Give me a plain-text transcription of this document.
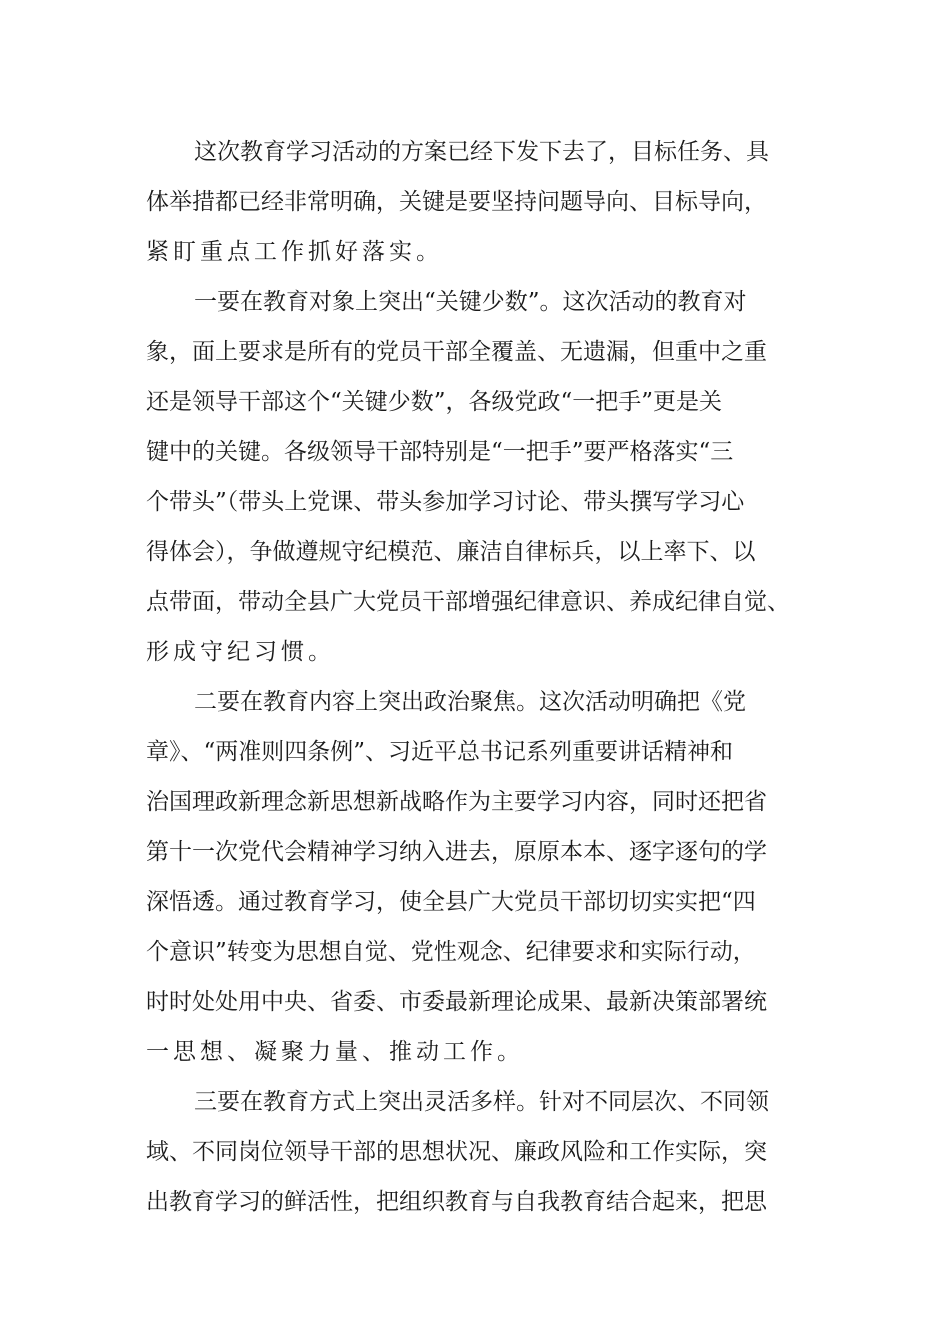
这次教育学习活动的方案已经下发下去了，目标任务、具
体举措都已经非常明确，关键是要坚持问题导向、目标导向，
紧盯重点工作抓好落实。
一要在教育对象上突出“关键少数”。这次活动的教育对
象，面上要求是所有的党员干部全覆盖、无遗漏，但重中之重
还是领导干部这个“关键少数”，各级党政“一把手”更是关
键中的关键。各级领导干部特别是“一把手”要严格落实“三
个带头”（带头上党课、带头参加学习讨论、带头撰写学习心
得体会），争做遵规守纪模范、廉洁自律标兵，以上率下、以
点带面，带动全县广大党员干部增强纪律意识、养成纪律自觉、
形成守纪习惯。
二要在教育内容上突出政治聚焦。这次活动明确把《党
章》、“两准则四条例”、习近平总书记系列重要讲话精神和
治国理政新理念新思想新战略作为主要学习内容，同时还把省
第十一次党代会精神学习纳入进去，原原本本、逐字逐句的学
深悟透。通过教育学习，使全县广大党员干部切切实实把“四
个意识”转变为思想自觉、党性观念、纪律要求和实际行动，
时时处处用中央、省委、市委最新理论成果、最新决策部署统
一思想、凝聚力量、推动工作。
三要在教育方式上突出灵活多样。针对不同层次、不同领
域、不同岗位领导干部的思想状况、廉政风险和工作实际，突
出教育学习的鲜活性，把组织教育与自我教育结合起来，把思
